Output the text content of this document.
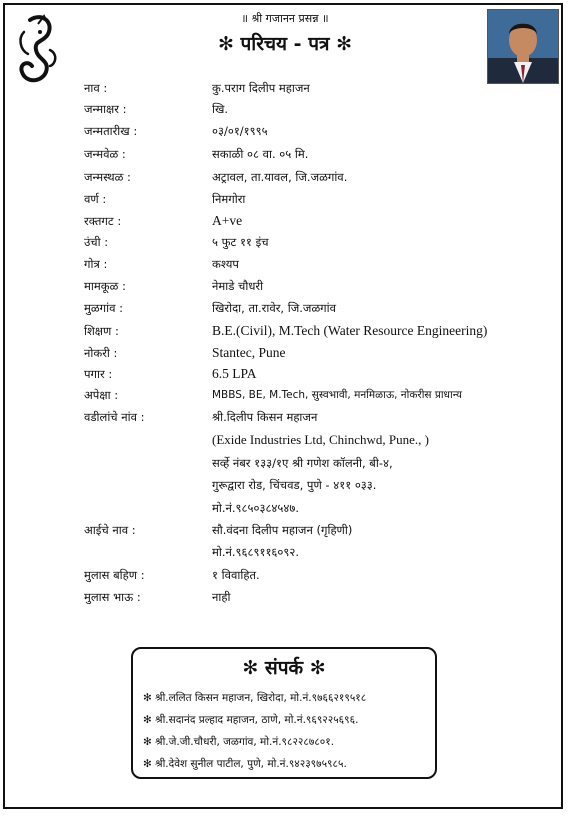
॥ श्री गजानन प्रसन्न ॥
✻ परिचय - पत्र ✻
नाव :	कु.पराग दिलीप महाजन
जन्माक्षर :	खि.
जन्मतारीख :	०३/०१/१९९५
जन्मवेळ :	सकाळी ०८ वा. ०५ मि.
जन्मस्थळ :	अट्रावल, ता.यावल, जि.जळगांव.
वर्ण :	निमगोरा
रक्तगट :	A+ve
उंची :	५ फुट ११ इंच
गोत्र :	कश्यप
मामकूळ :	नेमाडे चौधरी
मुळगांव :	खिरोदा, ता.रावेर, जि.जळगांव
शिक्षण :	B.E.(Civil), M.Tech (Water Resource Engineering)
नोकरी :	Stantec, Pune
पगार :	6.5 LPA
अपेक्षा :	MBBS, BE, M.Tech, सुस्वभावी, मनमिळाऊ, नोकरीस प्राधान्य
वडीलांचे नांव :	श्री.दिलीप किसन महाजन
(Exide Industries Ltd, Chinchwd, Pune., )
सर्व्हे नंबर १३३/१ए श्री गणेश कॉलनी, बी-४,
गुरूद्वारा रोड, चिंचवड, पुणे - ४११ ०३३.
मो.नं.९८५०३८४५४७.
आईचे नाव :	सौ.वंदना दिलीप महाजन (गृहिणी)
मो.नं.९६८९११६०९२.
मुलास बहिण :	१ विवाहित.
मुलास भाऊ :	नाही
✻ संपर्क ✻
✻ श्री.ललित किसन महाजन, खिरोदा, मो.नं.९७६६२१९५१८
✻ श्री.सदानंद प्रल्हाद महाजन, ठाणे, मो.नं.९६९२२५६९६.
✻ श्री.जे.जी.चौधरी, जळगांव, मो.नं.९८२२८७८०१.
✻ श्री.देवेश सुनील पाटील, पुणे, मो.नं.९४२३९७५९८५.
